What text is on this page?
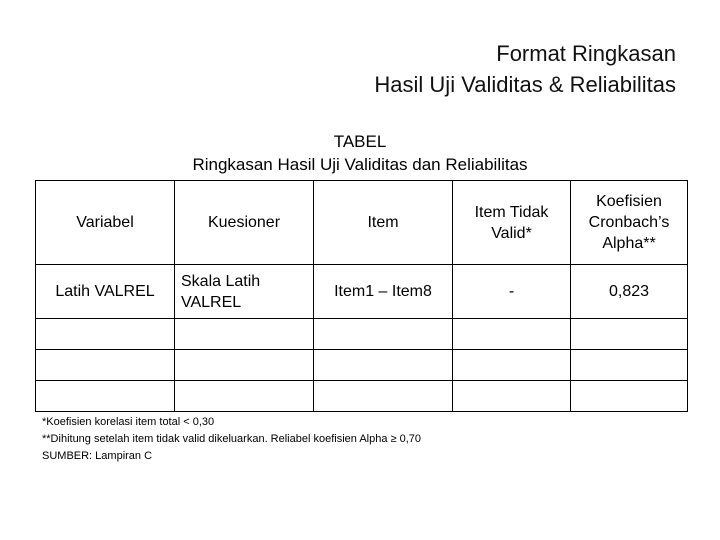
Format Ringkasan
Hasil Uji Validitas & Reliabilitas
TABEL
Ringkasan Hasil Uji Validitas dan Reliabilitas
Variabel	Kuesioner	Item	Item Tidak Valid*	Koefisien Cronbach’s Alpha**
Latih VALREL	Skala Latih VALREL	Item1 – Item8	-	0,823

*Koefisien korelasi item total < 0,30
**Dihitung setelah item tidak valid dikeluarkan. Reliabel koefisien Alpha ≥ 0,70
SUMBER: Lampiran C
